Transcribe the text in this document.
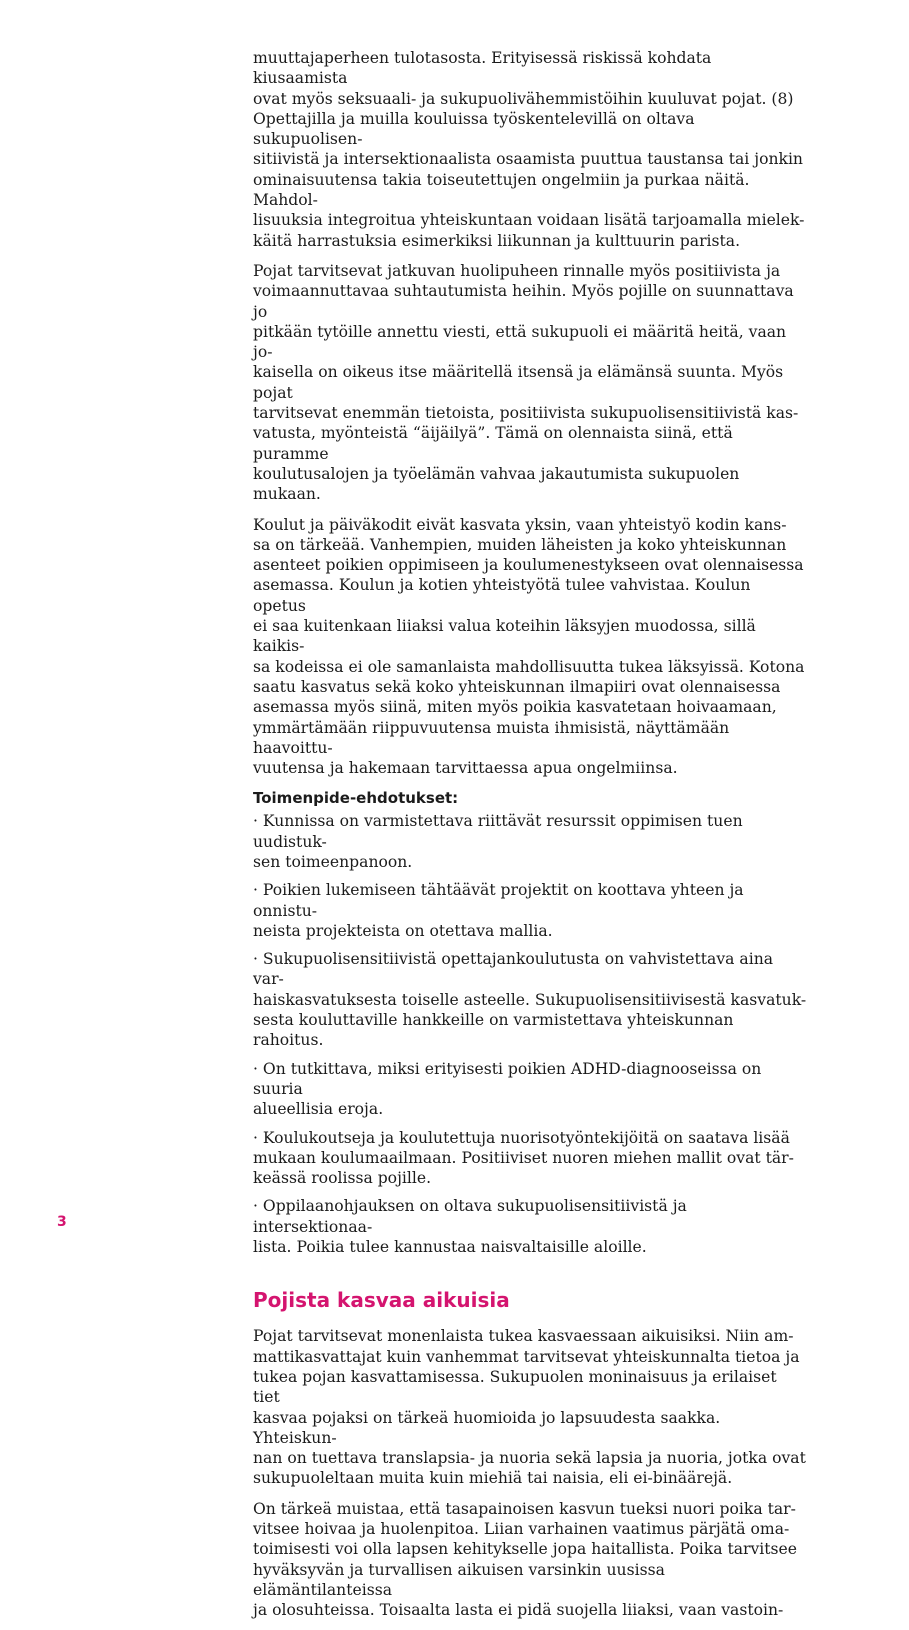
muuttajaperheen tulotasosta. Erityisessä riskissä kohdata kiusaamista
ovat myös seksuaali- ja sukupuolivähemmistöihin kuuluvat pojat. (8)
Opettajilla ja muilla kouluissa työskentelevillä on oltava sukupuolisen-
sitiivistä ja intersektionaalista osaamista puuttua taustansa tai jonkin
ominaisuutensa takia toiseutettujen ongelmiin ja purkaa näitä. Mahdol-
lisuuksia integroitua yhteiskuntaan voidaan lisätä tarjoamalla mielek-
käitä harrastuksia esimerkiksi liikunnan ja kulttuurin parista.

Pojat tarvitsevat jatkuvan huolipuheen rinnalle myös positiivista ja
voimaannuttavaa suhtautumista heihin. Myös pojille on suunnattava jo
pitkään tytöille annettu viesti, että sukupuoli ei määritä heitä, vaan jo-
kaisella on oikeus itse määritellä itsensä ja elämänsä suunta. Myös pojat
tarvitsevat enemmän tietoista, positiivista sukupuolisensitiivistä kas-
vatusta, myönteistä “äijäilyä”. Tämä on olennaista siinä, että puramme
koulutusalojen ja työelämän vahvaa jakautumista sukupuolen mukaan.

Koulut ja päiväkodit eivät kasvata yksin, vaan yhteistyö kodin kans-
sa on tärkeää. Vanhempien, muiden läheisten ja koko yhteiskunnan
asenteet poikien oppimiseen ja koulumenestykseen ovat olennaisessa
asemassa. Koulun ja kotien yhteistyötä tulee vahvistaa. Koulun opetus
ei saa kuitenkaan liiaksi valua koteihin läksyjen muodossa, sillä kaikis-
sa kodeissa ei ole samanlaista mahdollisuutta tukea läksyissä. Kotona
saatu kasvatus sekä koko yhteiskunnan ilmapiiri ovat olennaisessa
asemassa myös siinä, miten myös poikia kasvatetaan hoivaamaan,
ymmärtämään riippuvuutensa muista ihmisistä, näyttämään haavoittu-
vuutensa ja hakemaan tarvittaessa apua ongelmiinsa.

Toimenpide-ehdotukset:
· Kunnissa on varmistettava riittävät resurssit oppimisen tuen uudistuk-
sen toimeenpanoon.
· Poikien lukemiseen tähtäävät projektit on koottava yhteen ja onnistu-
neista projekteista on otettava mallia.
· Sukupuolisensitiivistä opettajankoulutusta on vahvistettava aina var-
haiskasvatuksesta toiselle asteelle. Sukupuolisensitiivisestä kasvatuk-
sesta kouluttaville hankkeille on varmistettava yhteiskunnan rahoitus.
· On tutkittava, miksi erityisesti poikien ADHD-diagnooseissa on suuria
alueellisia eroja.
· Koulukoutseja ja koulutettuja nuorisotyöntekijöitä on saatava lisää
mukaan koulumaailmaan. Positiiviset nuoren miehen mallit ovat tär-
keässä roolissa pojille.
· Oppilaanohjauksen on oltava sukupuolisensitiivistä ja intersektionaa-
lista. Poikia tulee kannustaa naisvaltaisille aloille.
Pojista kasvaa aikuisia

Pojat tarvitsevat monenlaista tukea kasvaessaan aikuisiksi. Niin am-
mattikasvattajat kuin vanhemmat tarvitsevat yhteiskunnalta tietoa ja
tukea pojan kasvattamisessa. Sukupuolen moninaisuus ja erilaiset tiet
kasvaa pojaksi on tärkeä huomioida jo lapsuudesta saakka. Yhteiskun-
nan on tuettava translapsia- ja nuoria sekä lapsia ja nuoria, jotka ovat
sukupuoleltaan muita kuin miehiä tai naisia, eli ei-binäärejä.

On tärkeä muistaa, että tasapainoisen kasvun tueksi nuori poika tar-
vitsee hoivaa ja huolenpitoa. Liian varhainen vaatimus pärjätä oma-
toimisesti voi olla lapsen kehitykselle jopa haitallista. Poika tarvitsee
hyväksyvän ja turvallisen aikuisen varsinkin uusissa elämäntilanteissa
ja olosuhteissa. Toisaalta lasta ei pidä suojella liiaksi, vaan vastoin-

3
